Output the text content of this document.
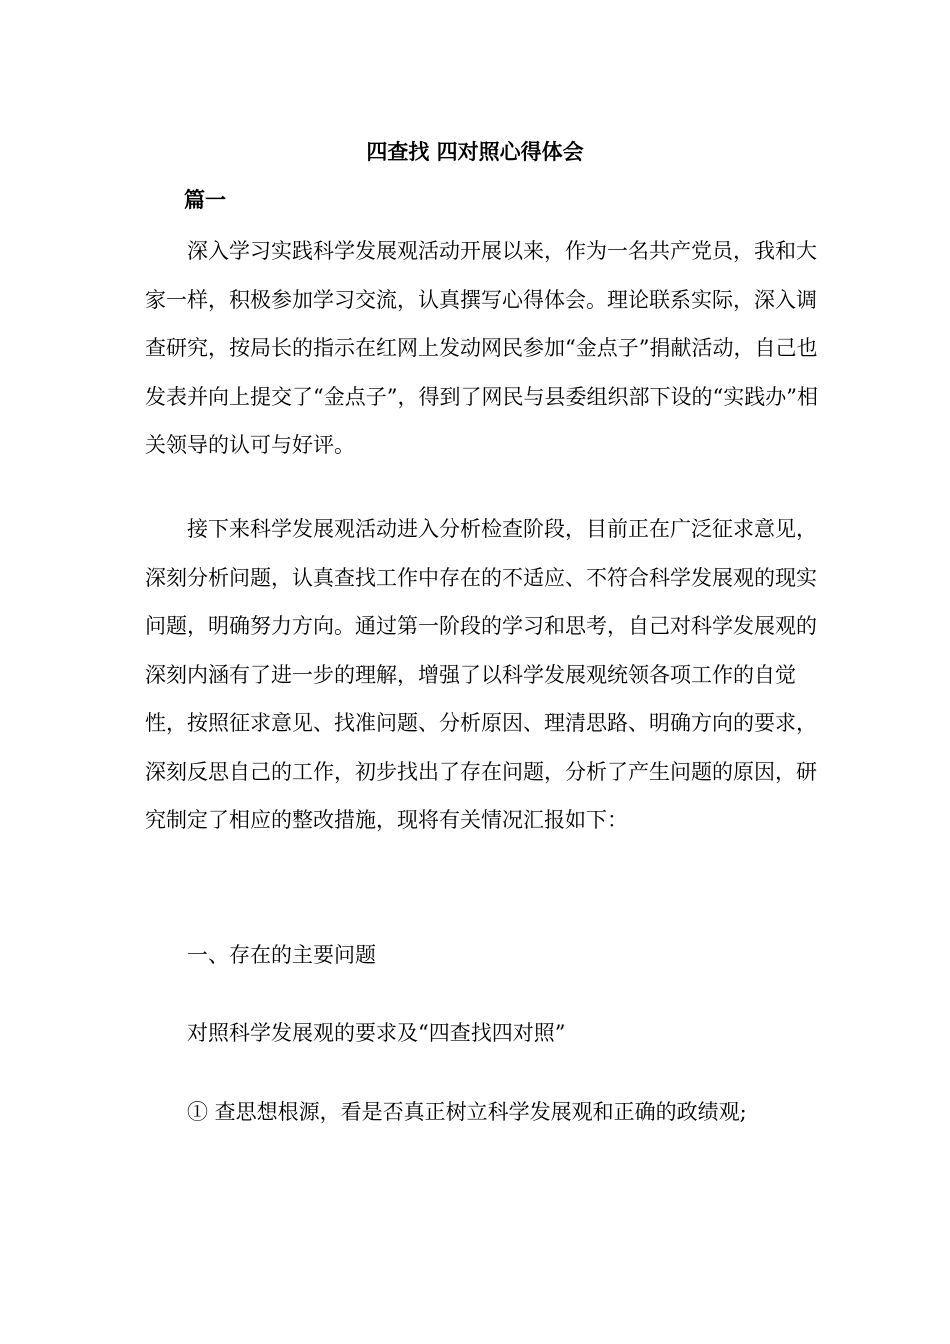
四查找 四对照心得体会
篇一

深入学习实践科学发展观活动开展以来，作为一名共产党员，我和大家一样，积极参加学习交流，认真撰写心得体会。理论联系实际，深入调查研究，按局长的指示在红网上发动网民参加“金点子”捐献活动，自己也发表并向上提交了“金点子”，得到了网民与县委组织部下设的“实践办”相关领导的认可与好评。

接下来科学发展观活动进入分析检查阶段，目前正在广泛征求意见，深刻分析问题，认真查找工作中存在的不适应、不符合科学发展观的现实问题，明确努力方向。通过第一阶段的学习和思考，自己对科学发展观的深刻内涵有了进一步的理解，增强了以科学发展观统领各项工作的自觉性，按照征求意见、找准问题、分析原因、理清思路、明确方向的要求，深刻反思自己的工作，初步找出了存在问题，分析了产生问题的原因，研究制定了相应的整改措施，现将有关情况汇报如下：

一、存在的主要问题

对照科学发展观的要求及“四查找四对照”

① 查思想根源，看是否真正树立科学发展观和正确的政绩观;
